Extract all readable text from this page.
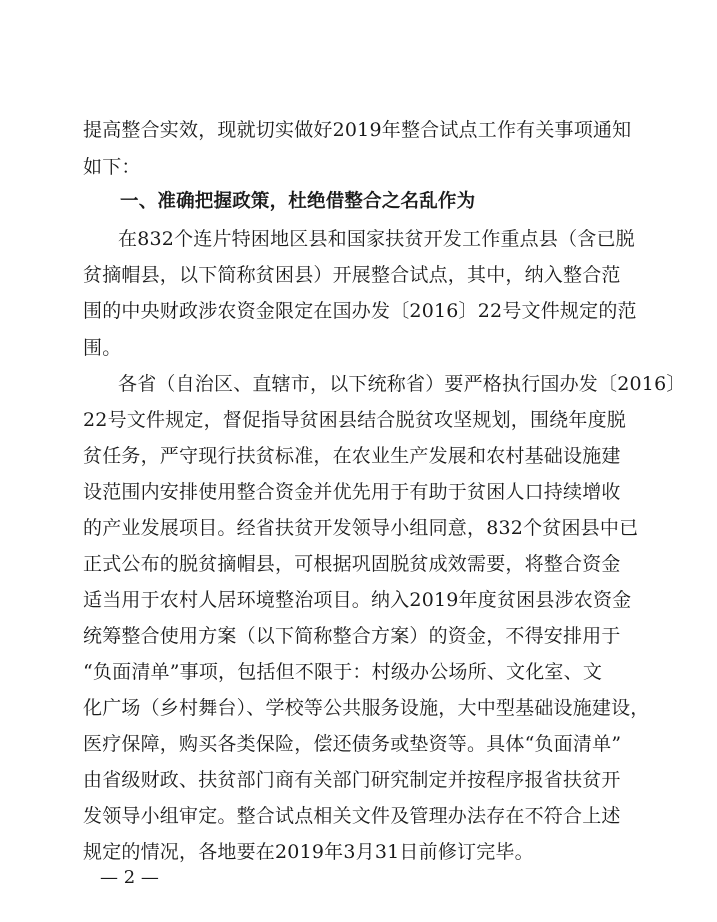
提高整合实效，现就切实做好2019年整合试点工作有关事项通知
如下：
一、准确把握政策，杜绝借整合之名乱作为
在832个连片特困地区县和国家扶贫开发工作重点县（含已脱
贫摘帽县，以下简称贫困县）开展整合试点，其中，纳入整合范
围的中央财政涉农资金限定在国办发〔2016〕22号文件规定的范
围。
各省（自治区、直辖市，以下统称省）要严格执行国办发〔2016〕
22号文件规定，督促指导贫困县结合脱贫攻坚规划，围绕年度脱
贫任务，严守现行扶贫标准，在农业生产发展和农村基础设施建
设范围内安排使用整合资金并优先用于有助于贫困人口持续增收
的产业发展项目。经省扶贫开发领导小组同意，832个贫困县中已
正式公布的脱贫摘帽县，可根据巩固脱贫成效需要，将整合资金
适当用于农村人居环境整治项目。纳入2019年度贫困县涉农资金
统筹整合使用方案（以下简称整合方案）的资金，不得安排用于
“负面清单”事项，包括但不限于：村级办公场所、文化室、文
化广场（乡村舞台）、学校等公共服务设施，大中型基础设施建设，
医疗保障，购买各类保险，偿还债务或垫资等。具体“负面清单”
由省级财政、扶贫部门商有关部门研究制定并按程序报省扶贫开
发领导小组审定。整合试点相关文件及管理办法存在不符合上述
规定的情况，各地要在2019年3月31日前修订完毕。
— 2 —
